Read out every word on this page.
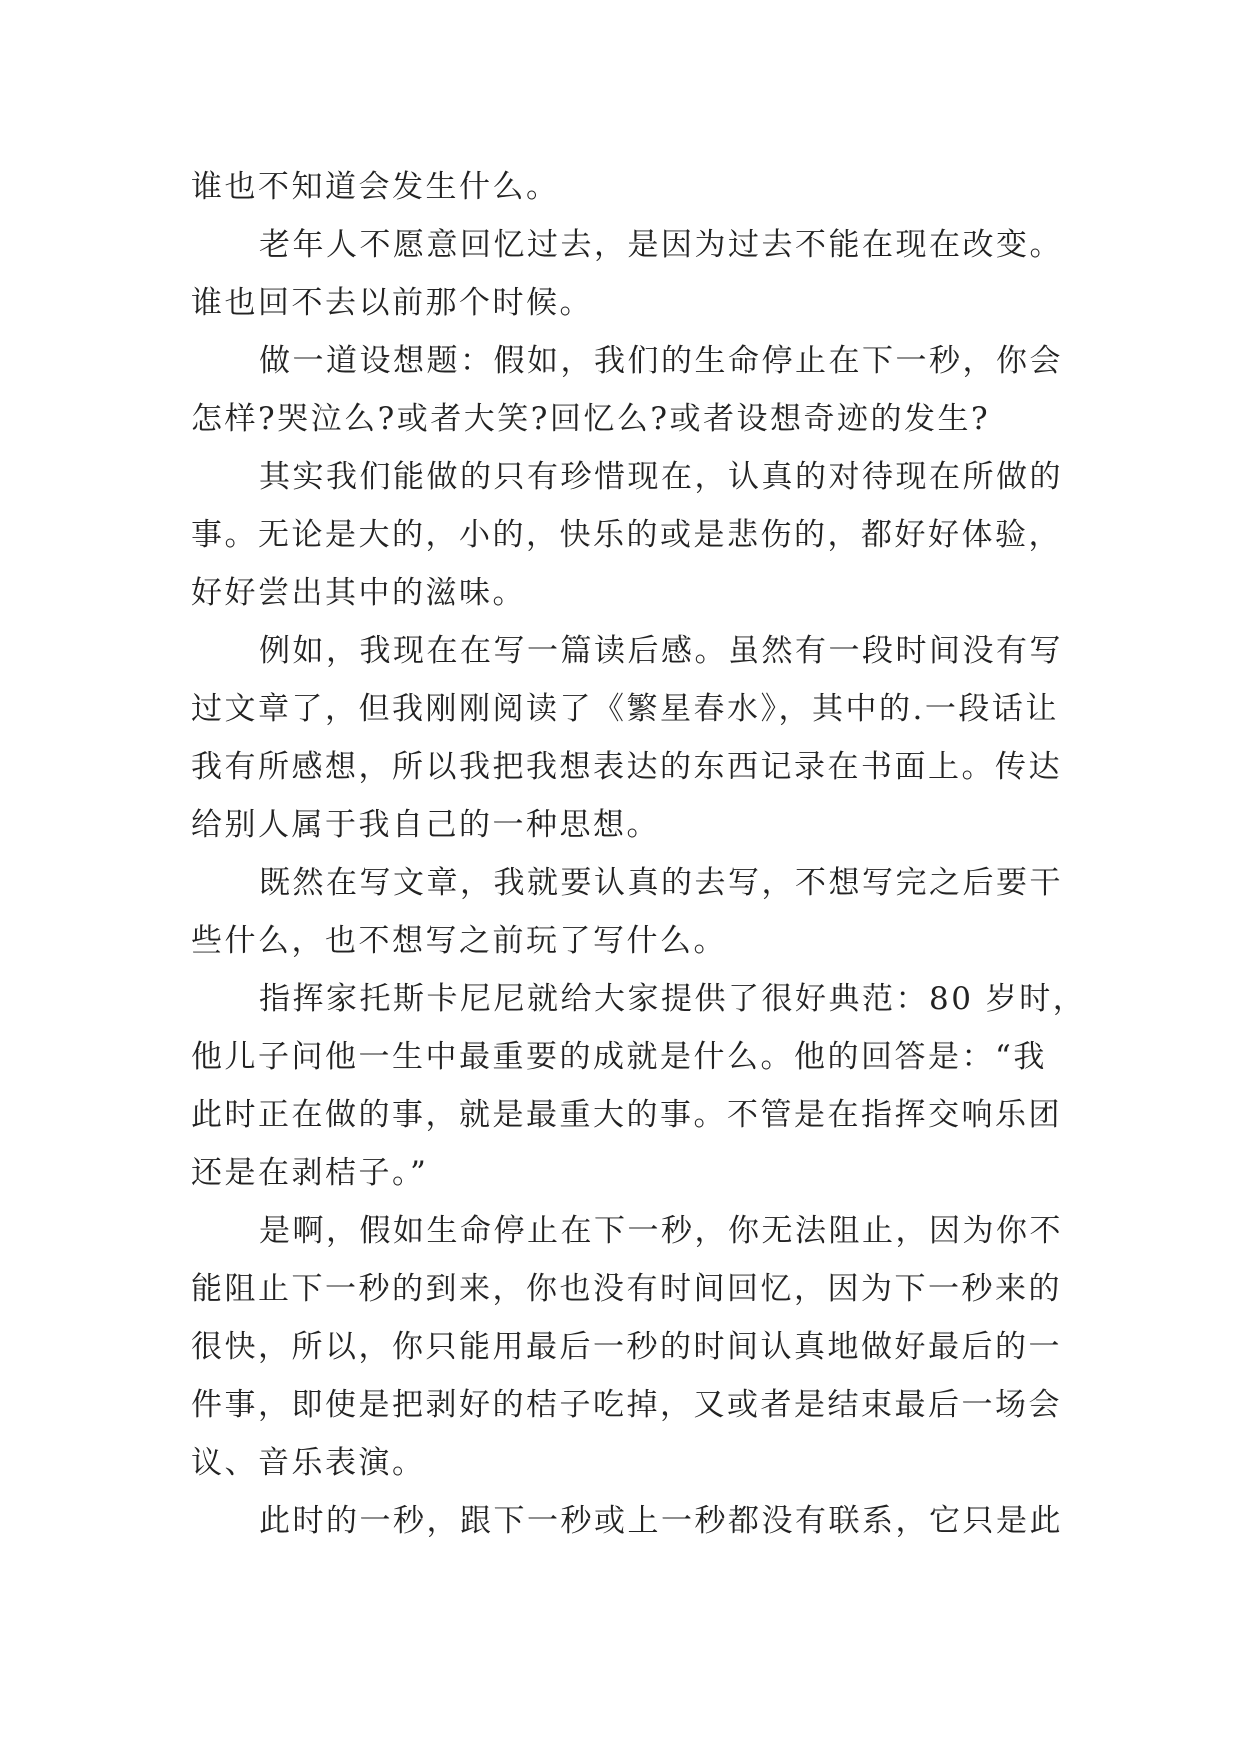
谁也不知道会发生什么。
老年人不愿意回忆过去，是因为过去不能在现在改变。
谁也回不去以前那个时候。
做一道设想题：假如，我们的生命停止在下一秒，你会
怎样?哭泣么?或者大笑?回忆么?或者设想奇迹的发生?
其实我们能做的只有珍惜现在，认真的对待现在所做的
事。无论是大的，小的，快乐的或是悲伤的，都好好体验，
好好尝出其中的滋味。
例如，我现在在写一篇读后感。虽然有一段时间没有写
过文章了，但我刚刚阅读了《繁星春水》，其中的.一段话让
我有所感想，所以我把我想表达的东西记录在书面上。传达
给别人属于我自己的一种思想。
既然在写文章，我就要认真的去写，不想写完之后要干
些什么，也不想写之前玩了写什么。
指挥家托斯卡尼尼就给大家提供了很好典范：80 岁时，
他儿子问他一生中最重要的成就是什么。他的回答是：“我
此时正在做的事，就是最重大的事。不管是在指挥交响乐团
还是在剥桔子。”
是啊，假如生命停止在下一秒，你无法阻止，因为你不
能阻止下一秒的到来，你也没有时间回忆，因为下一秒来的
很快，所以，你只能用最后一秒的时间认真地做好最后的一
件事，即使是把剥好的桔子吃掉，又或者是结束最后一场会
议、音乐表演。
此时的一秒，跟下一秒或上一秒都没有联系，它只是此
